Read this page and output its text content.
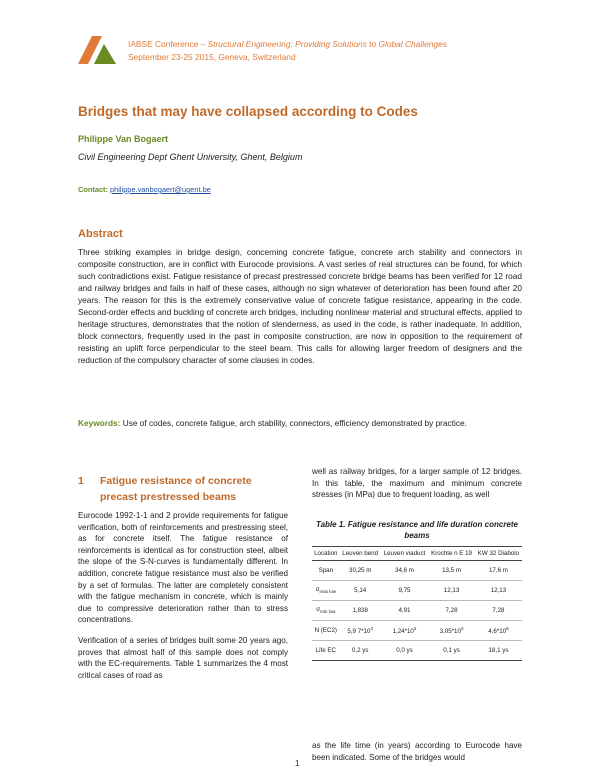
IABSE Conference – Structural Engineering: Providing Solutions to Global Challenges
September 23-25 2015, Geneva, Switzerland
Bridges that may have collapsed according to Codes
Philippe Van Bogaert
Civil Engineering Dept Ghent University, Ghent, Belgium
Contact: philippe.vanbogaert@ugent.be
Abstract
Three striking examples in bridge design, concerning concrete fatigue, concrete arch stability and connectors in composite construction, are in conflict with Eurocode provisions. A vast series of real structures can be found, for which such contradictions exist. Fatigue resistance of precast prestressed concrete bridge beams has been verified for 12 road and railway bridges and fails in half of these cases, although no sign whatever of deterioration has been found after 20 years. The reason for this is the extremely conservative value of concrete fatigue resistance, appearing in the code. Second-order effects and buckling of concrete arch bridges, including nonlinear material and structural effects, applied to heritage structures, demonstrates that the notion of slenderness, as used in the code, is rather inadequate. In addition, block connectors, frequently used in the past in composite construction, are now in opposition to the requirement of resisting an uplift force perpendicular to the steel beam. This calls for allowing larger freedom of designers and the reduction of the compulsory character of some clauses in codes.
Keywords: Use of codes, concrete fatigue, arch stability, connectors, efficiency demonstrated by practice.
1 Fatigue resistance of concrete
precast prestressed beams

Eurocode 1992-1-1 and 2 provide requirements for fatigue verification, both of reinforcements and prestressing steel, as for concrete itself. The fatigue resistance of reinforcements is identical as for construction steel, albeit the slope of the S-N-curves is fundamentally different. In addition, concrete fatigue resistance must also be verified by a set of formulas. The latter are completely consistent with the fatigue mechanism in concrete, which is mainly due to compressive deterioration rather than to stress concentrations.

Verification of a series of bridges built some 20 years ago, proves that almost half of this sample does not comply with the EC-requirements. Table 1 summarizes the 4 most critical cases of road as

well as railway bridges, for a larger sample of 12 bridges. In this table, the maximum and minimum concrete stresses (in MPa) due to frequent loading, as well

Table 1. Fatigue resistance and life duration concrete beams
Location	Leuven bend	Leuven viaduct	Krochte n E 19	KW 32 Diabolo
Span	30,25 m	34,6 m	13,5 m	17,6 m
$\sigma_{max low}$	5,14	9,75	12,13	12,13
$\sigma_{min low}$	1,838	4,91	7,28	7,28
N (EC2)	5,9 $7*10^3$	$1,24*10^2$	$3,05*10^3$	$4,6*10^6$
Life EC	0,2 ys	0,0 ys	0,1 ys	18,1 ys

as the life time (in years) according to Eurocode have been indicated. Some of the bridges would

1
